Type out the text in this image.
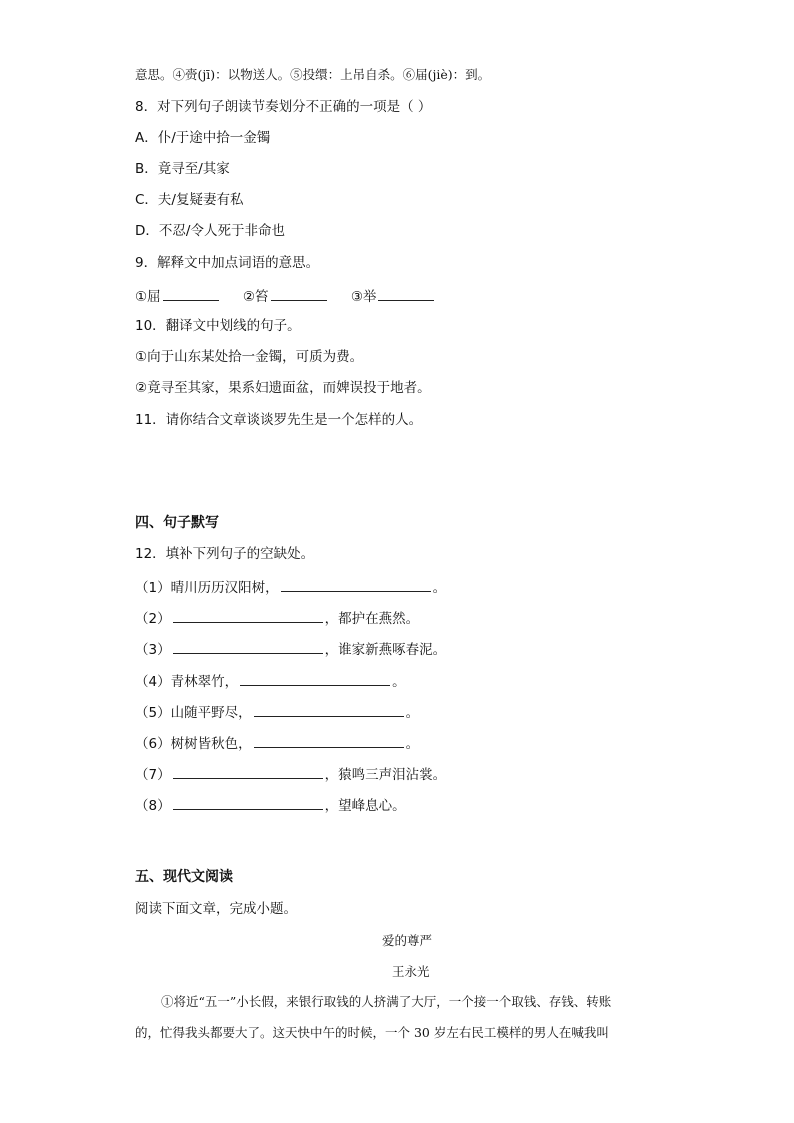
意思。④赍(jī)：以物送人。⑤投缳：上吊自杀。⑥届(jiè)：到。
8．对下列句子朗读节奏划分不正确的一项是（ ）
A．仆/于途中拾一金镯
B．竟寻至/其家
C．夫/复疑妻有私
D．不忍/令人死于非命也
9．解释文中加点词语的意思。
①屈	②笞	③举
10．翻译文中划线的句子。
①向于山东某处拾一金镯，可质为费。
②竟寻至其家，果系妇遗面盆，而婢误投于地者。
11．请你结合文章谈谈罗先生是一个怎样的人。
四、句子默写
12．填补下列句子的空缺处。
（1）晴川历历汉阳树，	。
（2）	，都护在燕然。
（3）	，谁家新燕啄春泥。
（4）青林翠竹，	。
（5）山随平野尽，	。
（6）树树皆秋色，	。
（7）	，猿鸣三声泪沾裳。
（8）	，望峰息心。
五、现代文阅读
阅读下面文章，完成小题。
爱的尊严
王永光
①将近“五一”小长假，来银行取钱的人挤满了大厅，一个接一个取钱、存钱、转账
的，忙得我头都要大了。这天快中午的时候，一个 30 岁左右民工模样的男人在喊我叫
